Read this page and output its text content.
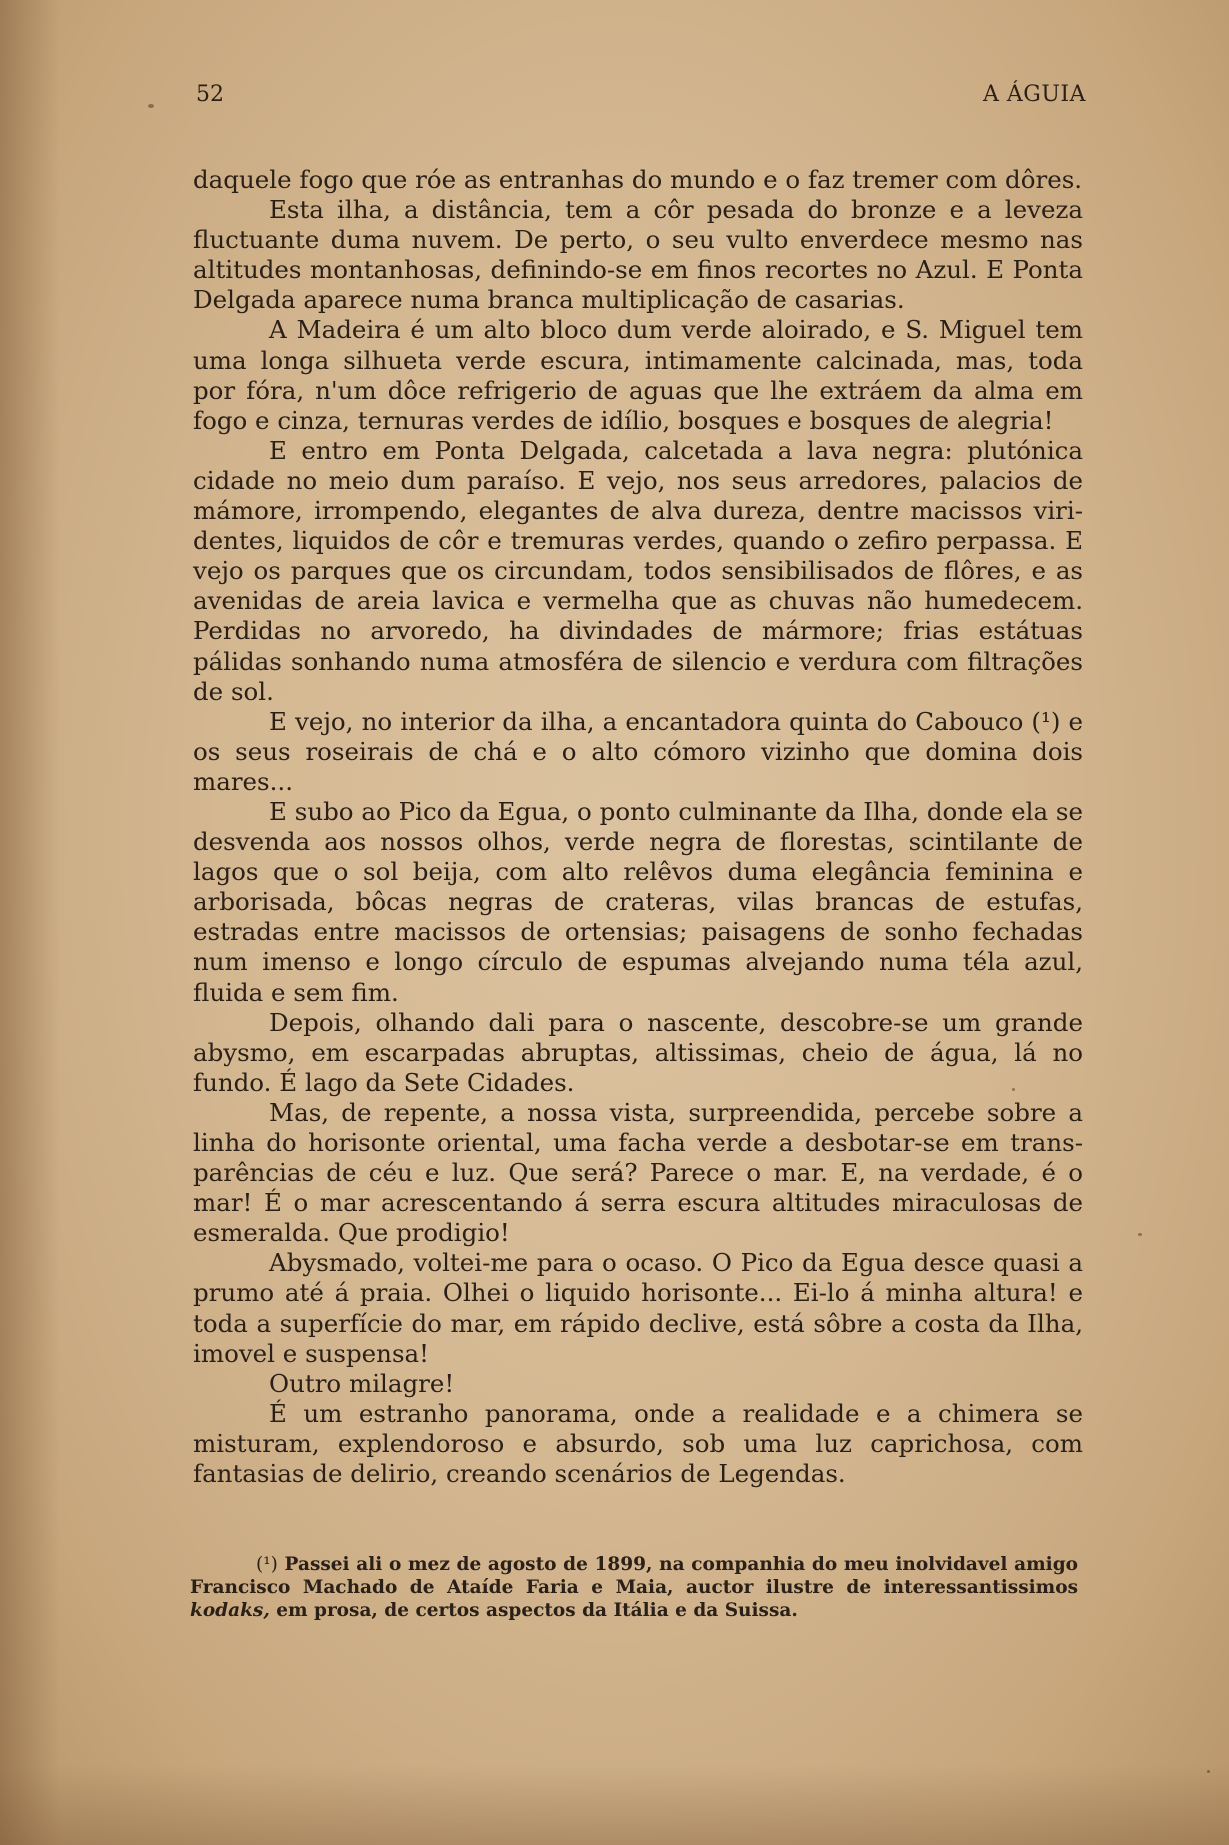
52	A ÁGUIA

daquele fogo que róe as entranhas do mundo e o faz tremer com dôres.

Esta ilha, a distância, tem a côr pesada do bronze e a leveza fluctuante duma nuvem. De perto, o seu vulto enverdece mesmo nas altitudes montanhosas, definindo-se em finos recortes no Azul. E Ponta Delgada aparece numa branca multiplicação de casarias.

A Madeira é um alto bloco dum verde aloirado, e S. Miguel tem uma longa silhueta verde escura, intimamente calcinada, mas, toda por fóra, n'um dôce refrigerio de aguas que lhe extráem da alma em fogo e cinza, ternuras verdes de idílio, bosques e bosques de alegria!

E entro em Ponta Delgada, calcetada a lava negra: plutónica cidade no meio dum paraíso. E vejo, nos seus arredores, palacios de mámore, irrompendo, elegantes de alva dureza, dentre macissos viridentes, liquidos de côr e tremuras verdes, quando o zefiro perpassa. E vejo os parques que os circundam, todos sensibilisados de flôres, e as avenidas de areia lavica e vermelha que as chuvas não humedecem. Perdidas no arvoredo, ha divindades de mármore; frias estátuas pálidas sonhando numa atmosféra de silencio e verdura com filtrações de sol.

E vejo, no interior da ilha, a encantadora quinta do Cabouco (¹) e os seus roseirais de chá e o alto cómoro vizinho que domina dois mares...

E subo ao Pico da Egua, o ponto culminante da Ilha, donde ela se desvenda aos nossos olhos, verde negra de florestas, scintilante de lagos que o sol beija, com alto relêvos duma elegância feminina e arborisada, bôcas negras de crateras, vilas brancas de estufas, estradas entre macissos de ortensias; paisagens de sonho fechadas num imenso e longo círculo de espumas alvejando numa téla azul, fluida e sem fim.

Depois, olhando dali para o nascente, descobre-se um grande abysmo, em escarpadas abruptas, altissimas, cheio de água, lá no fundo. É lago da Sete Cidades.

Mas, de repente, a nossa vista, surpreendida, percebe sobre a linha do horisonte oriental, uma facha verde a desbotar-se em transparências de céu e luz. Que será? Parece o mar. E, na verdade, é o mar! É o mar acrescentando á serra escura altitudes miraculosas de esmeralda. Que prodigio!

Abysmado, voltei-me para o ocaso. O Pico da Egua desce quasi a prumo até á praia. Olhei o liquido horisonte... Ei-lo á minha altura! e toda a superfície do mar, em rápido declive, está sôbre a costa da Ilha, imovel e suspensa!

Outro milagre!

É um estranho panorama, onde a realidade e a chimera se misturam, explendoroso e absurdo, sob uma luz caprichosa, com fantasias de delirio, creando scenários de Legendas.

(¹) Passei ali o mez de agosto de 1899, na companhia do meu inolvidavel amigo Francisco Machado de Ataíde Faria e Maia, auctor ilustre de interessantissimos kodaks, em prosa, de certos aspectos da Itália e da Suissa.
